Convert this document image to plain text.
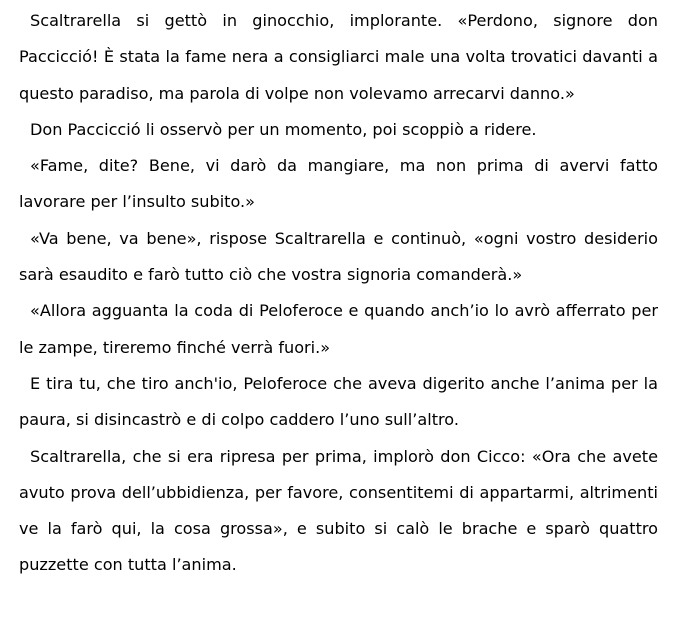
Scaltrarella si gettò in ginocchio, implorante. «Perdono, signore don Paccicció! È stata la fame nera a consigliarci male una volta trovatici davanti a questo paradiso, ma parola di volpe non volevamo arrecarvi danno.»

Don Paccicció li osservò per un momento, poi scoppiò a ridere.

«Fame, dite? Bene, vi darò da mangiare, ma non prima di avervi fatto lavorare per l’insulto subito.»

«Va bene, va bene», rispose Scaltrarella e continuò, «ogni vostro desiderio sarà esaudito e farò tutto ciò che vostra signoria comanderà.»

«Allora agguanta la coda di Peloferoce e quando anch’io lo avrò afferrato per le zampe, tireremo finché verrà fuori.»

E tira tu, che tiro anch'io, Peloferoce che aveva digerito anche l’anima per la paura, si disincastrò e di colpo caddero l’uno sull’altro.

Scaltrarella, che si era ripresa per prima, implorò don Cicco: «Ora che avete avuto prova dell’ubbidienza, per favore, consentitemi di appartarmi, altrimenti ve la farò qui, la cosa grossa», e subito si calò le brache e sparò quattro puzzette con tutta l’anima.
